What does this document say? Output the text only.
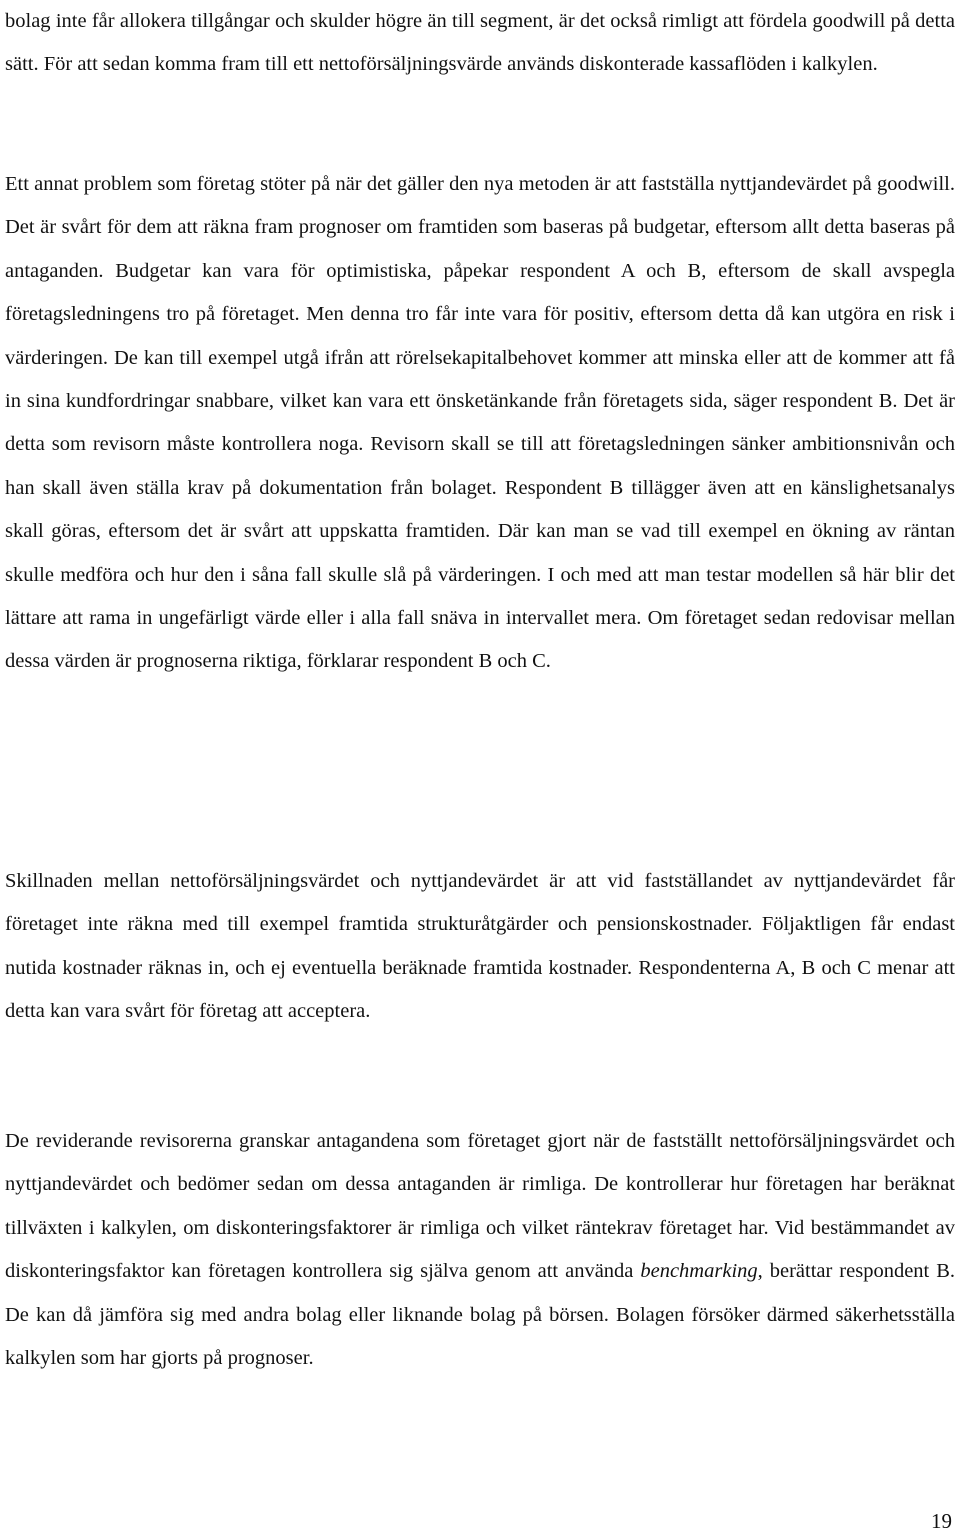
bolag inte får allokera tillgångar och skulder högre än till segment, är det också rimligt att fördela goodwill på detta sätt. För att sedan komma fram till ett nettoförsäljningsvärde används diskonterade kassaflöden i kalkylen.

Ett annat problem som företag stöter på när det gäller den nya metoden är att fastställa nyttjandevärdet på goodwill. Det är svårt för dem att räkna fram prognoser om framtiden som baseras på budgetar, eftersom allt detta baseras på antaganden. Budgetar kan vara för optimistiska, påpekar respondent A och B, eftersom de skall avspegla företagsledningens tro på företaget. Men denna tro får inte vara för positiv, eftersom detta då kan utgöra en risk i värderingen. De kan till exempel utgå ifrån att rörelsekapitalbehovet kommer att minska eller att de kommer att få in sina kundfordringar snabbare, vilket kan vara ett önsketänkande från företagets sida, säger respondent B. Det är detta som revisorn måste kontrollera noga. Revisorn skall se till att företagsledningen sänker ambitionsnivån och han skall även ställa krav på dokumentation från bolaget. Respondent B tillägger även att en känslighetsanalys skall göras, eftersom det är svårt att uppskatta framtiden. Där kan man se vad till exempel en ökning av räntan skulle medföra och hur den i såna fall skulle slå på värderingen. I och med att man testar modellen så här blir det lättare att rama in ungefärligt värde eller i alla fall snäva in intervallet mera. Om företaget sedan redovisar mellan dessa värden är prognoserna riktiga, förklarar respondent B och C.

Skillnaden mellan nettoförsäljningsvärdet och nyttjandevärdet är att vid fastställandet av nyttjandevärdet får företaget inte räkna med till exempel framtida strukturåtgärder och pensionskostnader. Följaktligen får endast nutida kostnader räknas in, och ej eventuella beräknade framtida kostnader. Respondenterna A, B och C menar att detta kan vara svårt för företag att acceptera.

De reviderande revisorerna granskar antagandena som företaget gjort när de fastställt nettoförsäljningsvärdet och nyttjandevärdet och bedömer sedan om dessa antaganden är rimliga. De kontrollerar hur företagen har beräknat tillväxten i kalkylen, om diskonteringsfaktorer är rimliga och vilket räntekrav företaget har. Vid bestämmandet av diskonteringsfaktor kan företagen kontrollera sig själva genom att använda benchmarking, berättar respondent B. De kan då jämföra sig med andra bolag eller liknande bolag på börsen. Bolagen försöker därmed säkerhetsställa kalkylen som har gjorts på prognoser.

19
